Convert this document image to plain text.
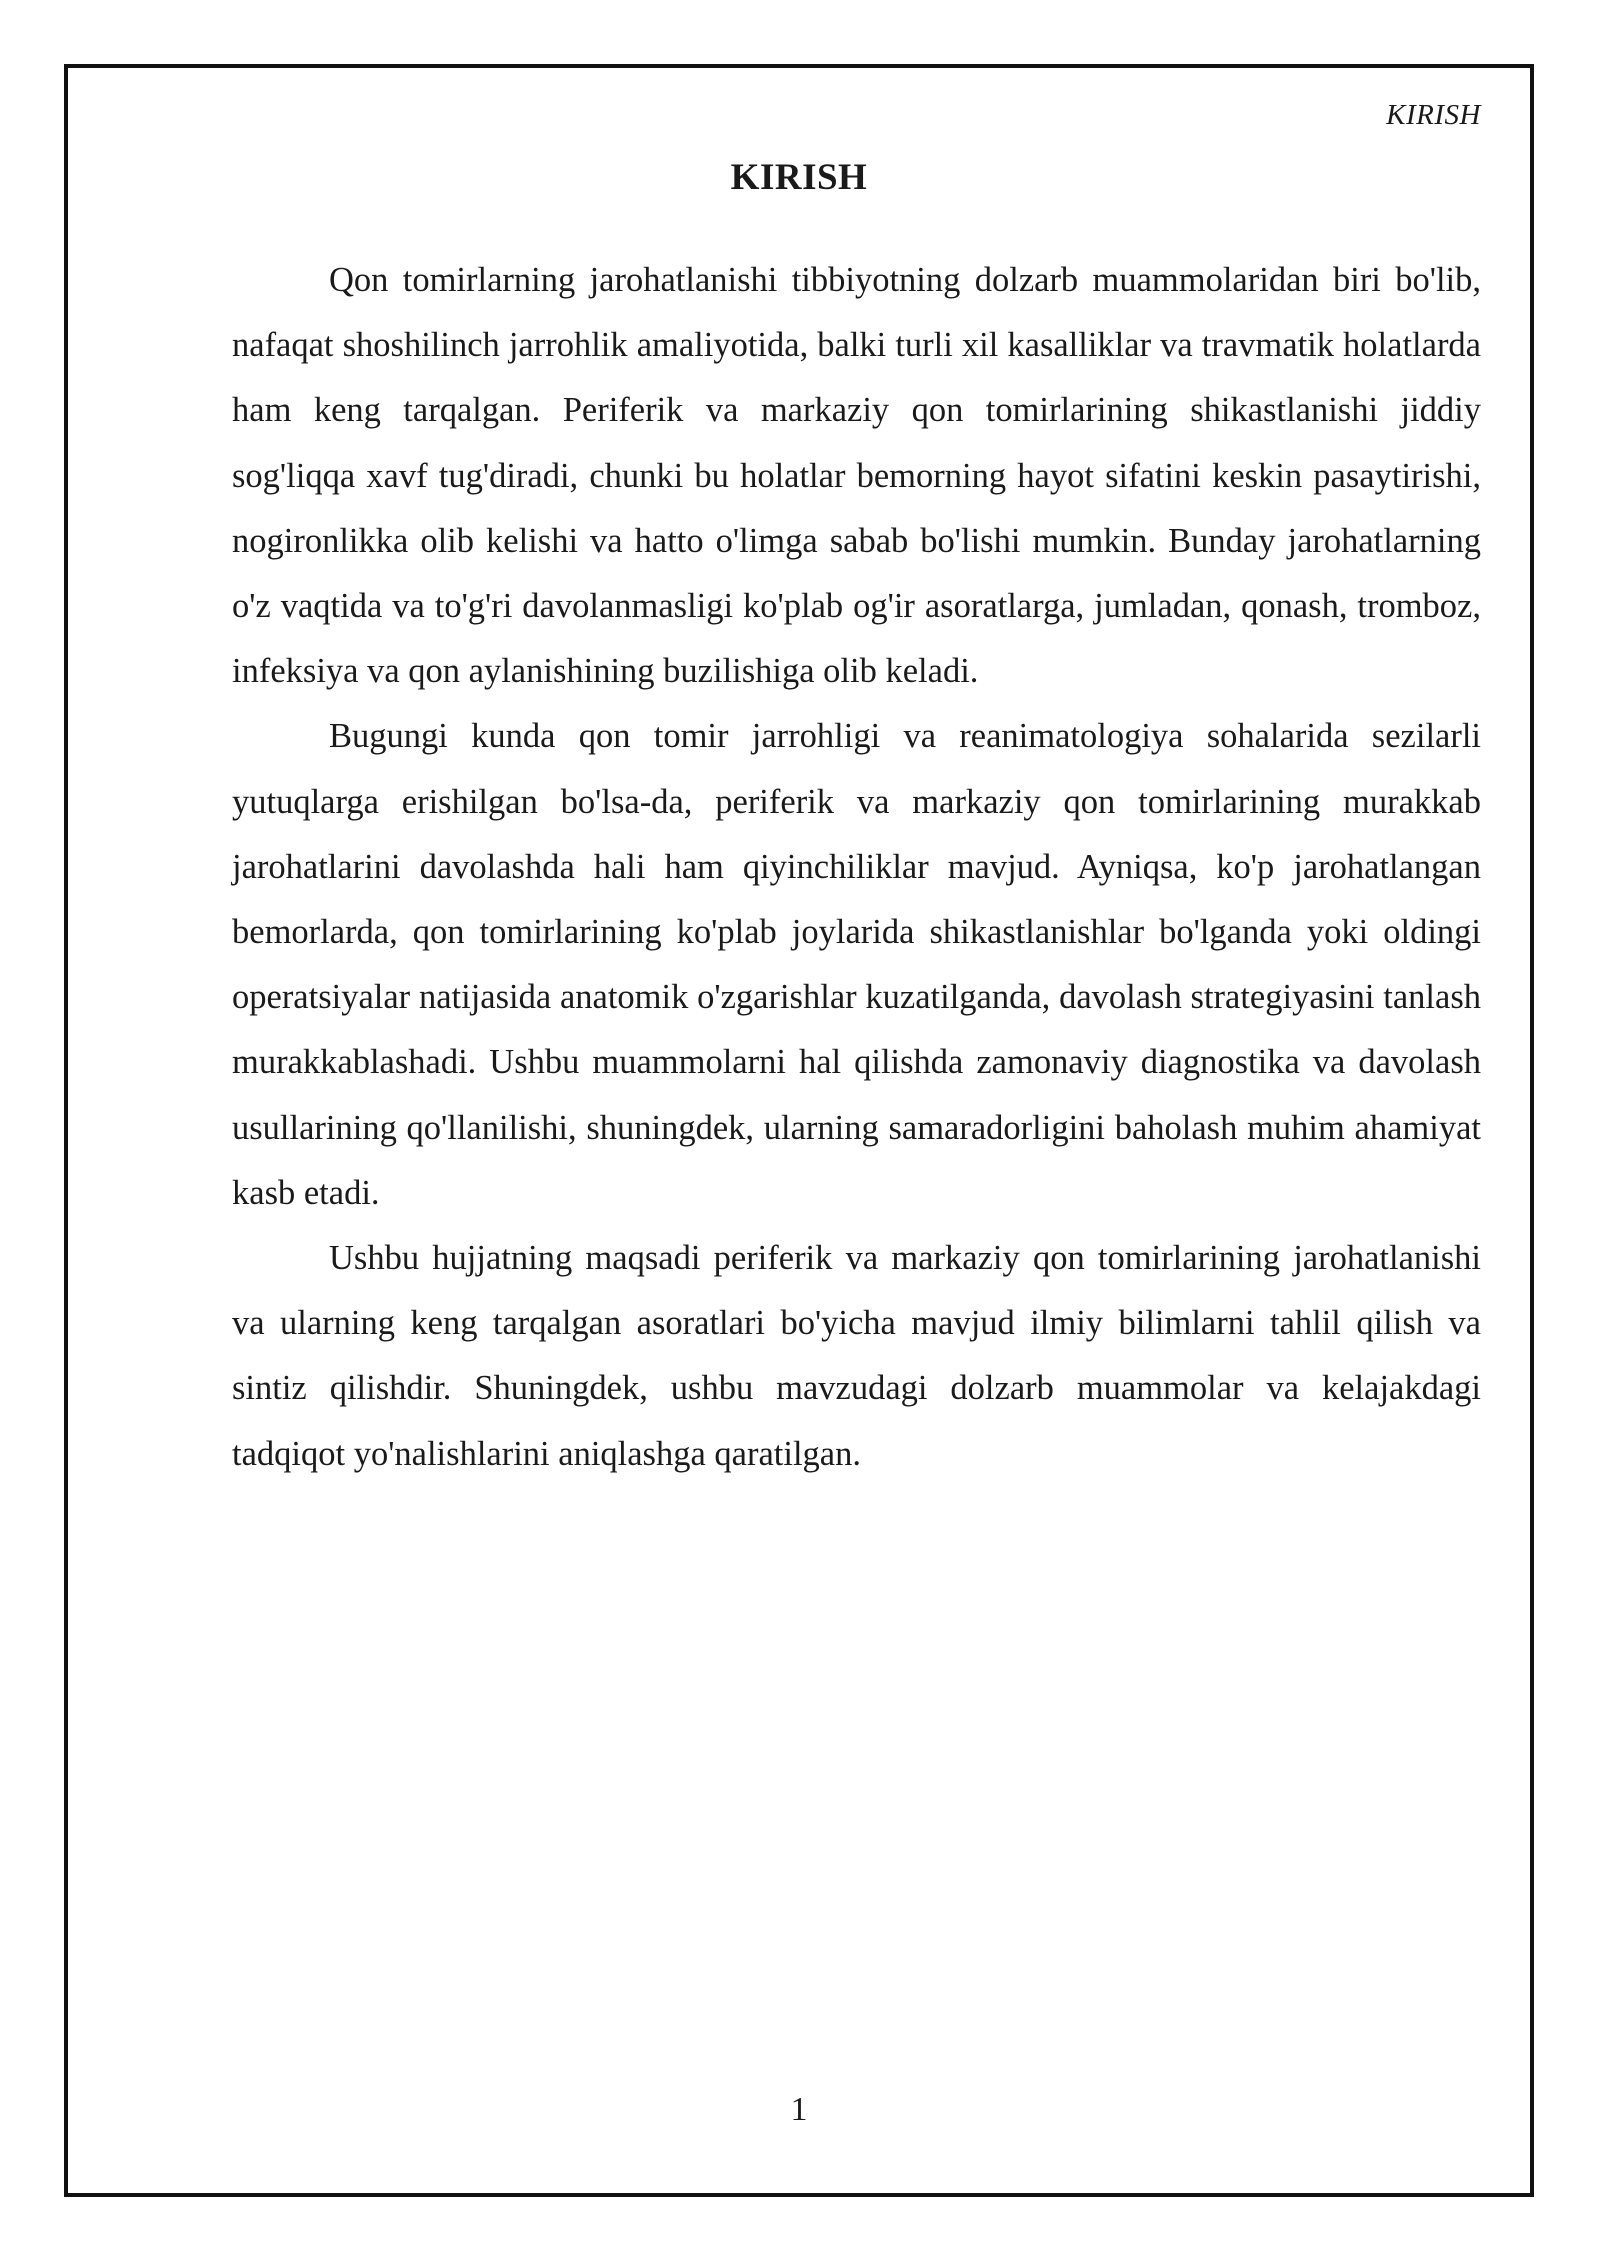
KIRISH
KIRISH

Qon tomirlarning jarohatlanishi tibbiyotning dolzarb muammolaridan biri bo'lib, nafaqat shoshilinch jarrohlik amaliyotida, balki turli xil kasalliklar va travmatik holatlarda ham keng tarqalgan. Periferik va markaziy qon tomirlarining shikastlanishi jiddiy sog'liqqa xavf tug'diradi, chunki bu holatlar bemorning hayot sifatini keskin pasaytirishi, nogironlikka olib kelishi va hatto o'limga sabab bo'lishi mumkin. Bunday jarohatlarning o'z vaqtida va to'g'ri davolanmasligi ko'plab og'ir asoratlarga, jumladan, qonash, tromboz, infeksiya va qon aylanishining buzilishiga olib keladi.

Bugungi kunda qon tomir jarrohligi va reanimatologiya sohalarida sezilarli yutuqlarga erishilgan bo'lsa-da, periferik va markaziy qon tomirlarining murakkab jarohatlarini davolashda hali ham qiyinchiliklar mavjud. Ayniqsa, ko'p jarohatlangan bemorlarda, qon tomirlarining ko'plab joylarida shikastlanishlar bo'lganda yoki oldingi operatsiyalar natijasida anatomik o'zgarishlar kuzatilganda, davolash strategiyasini tanlash murakkablashadi. Ushbu muammolarni hal qilishda zamonaviy diagnostika va davolash usullarining qo'llanilishi, shuningdek, ularning samaradorligini baholash muhim ahamiyat kasb etadi.

Ushbu hujjatning maqsadi periferik va markaziy qon tomirlarining jarohatlanishi va ularning keng tarqalgan asoratlari bo'yicha mavjud ilmiy bilimlarni tahlil qilish va sintiz qilishdir. Shuningdek, ushbu mavzudagi dolzarb muammolar va kelajakdagi tadqiqot yo'nalishlarini aniqlashga qaratilgan.

1
